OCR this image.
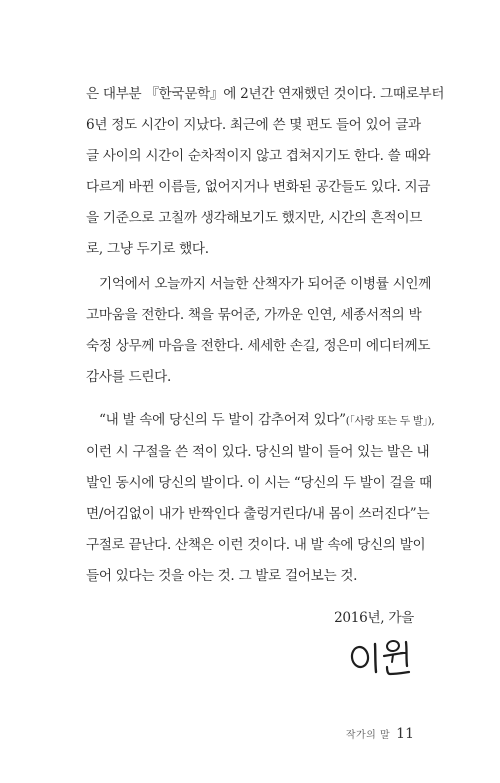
은 대부분 『한국문학』에 2년간 연재했던 것이다. 그때로부터
6년 정도 시간이 지났다. 최근에 쓴 몇 편도 들어 있어 글과
글 사이의 시간이 순차적이지 않고 겹쳐지기도 한다. 쓸 때와
다르게 바뀐 이름들, 없어지거나 변화된 공간들도 있다. 지금
을 기준으로 고칠까 생각해보기도 했지만, 시간의 흔적이므
로, 그냥 두기로 했다.
기억에서 오늘까지 서늘한 산책자가 되어준 이병률 시인께
고마움을 전한다. 책을 묶어준, 가까운 인연, 세종서적의 박
숙정 상무께 마음을 전한다. 세세한 손길, 정은미 에디터께도
감사를 드린다.
“내 발 속에 당신의 두 발이 감추어져 있다”(「사랑 또는 두 발」),
이런 시 구절을 쓴 적이 있다. 당신의 발이 들어 있는 발은 내
발인 동시에 당신의 발이다. 이 시는 “당신의 두 발이 걸을 때
면/어김없이 내가 반짝인다 출렁거린다/내 몸이 쓰러진다”는
구절로 끝난다. 산책은 이런 것이다. 내 발 속에 당신의 발이
들어 있다는 것을 아는 것. 그 발로 걸어보는 것.
2016년, 가을
작가의 말 11
